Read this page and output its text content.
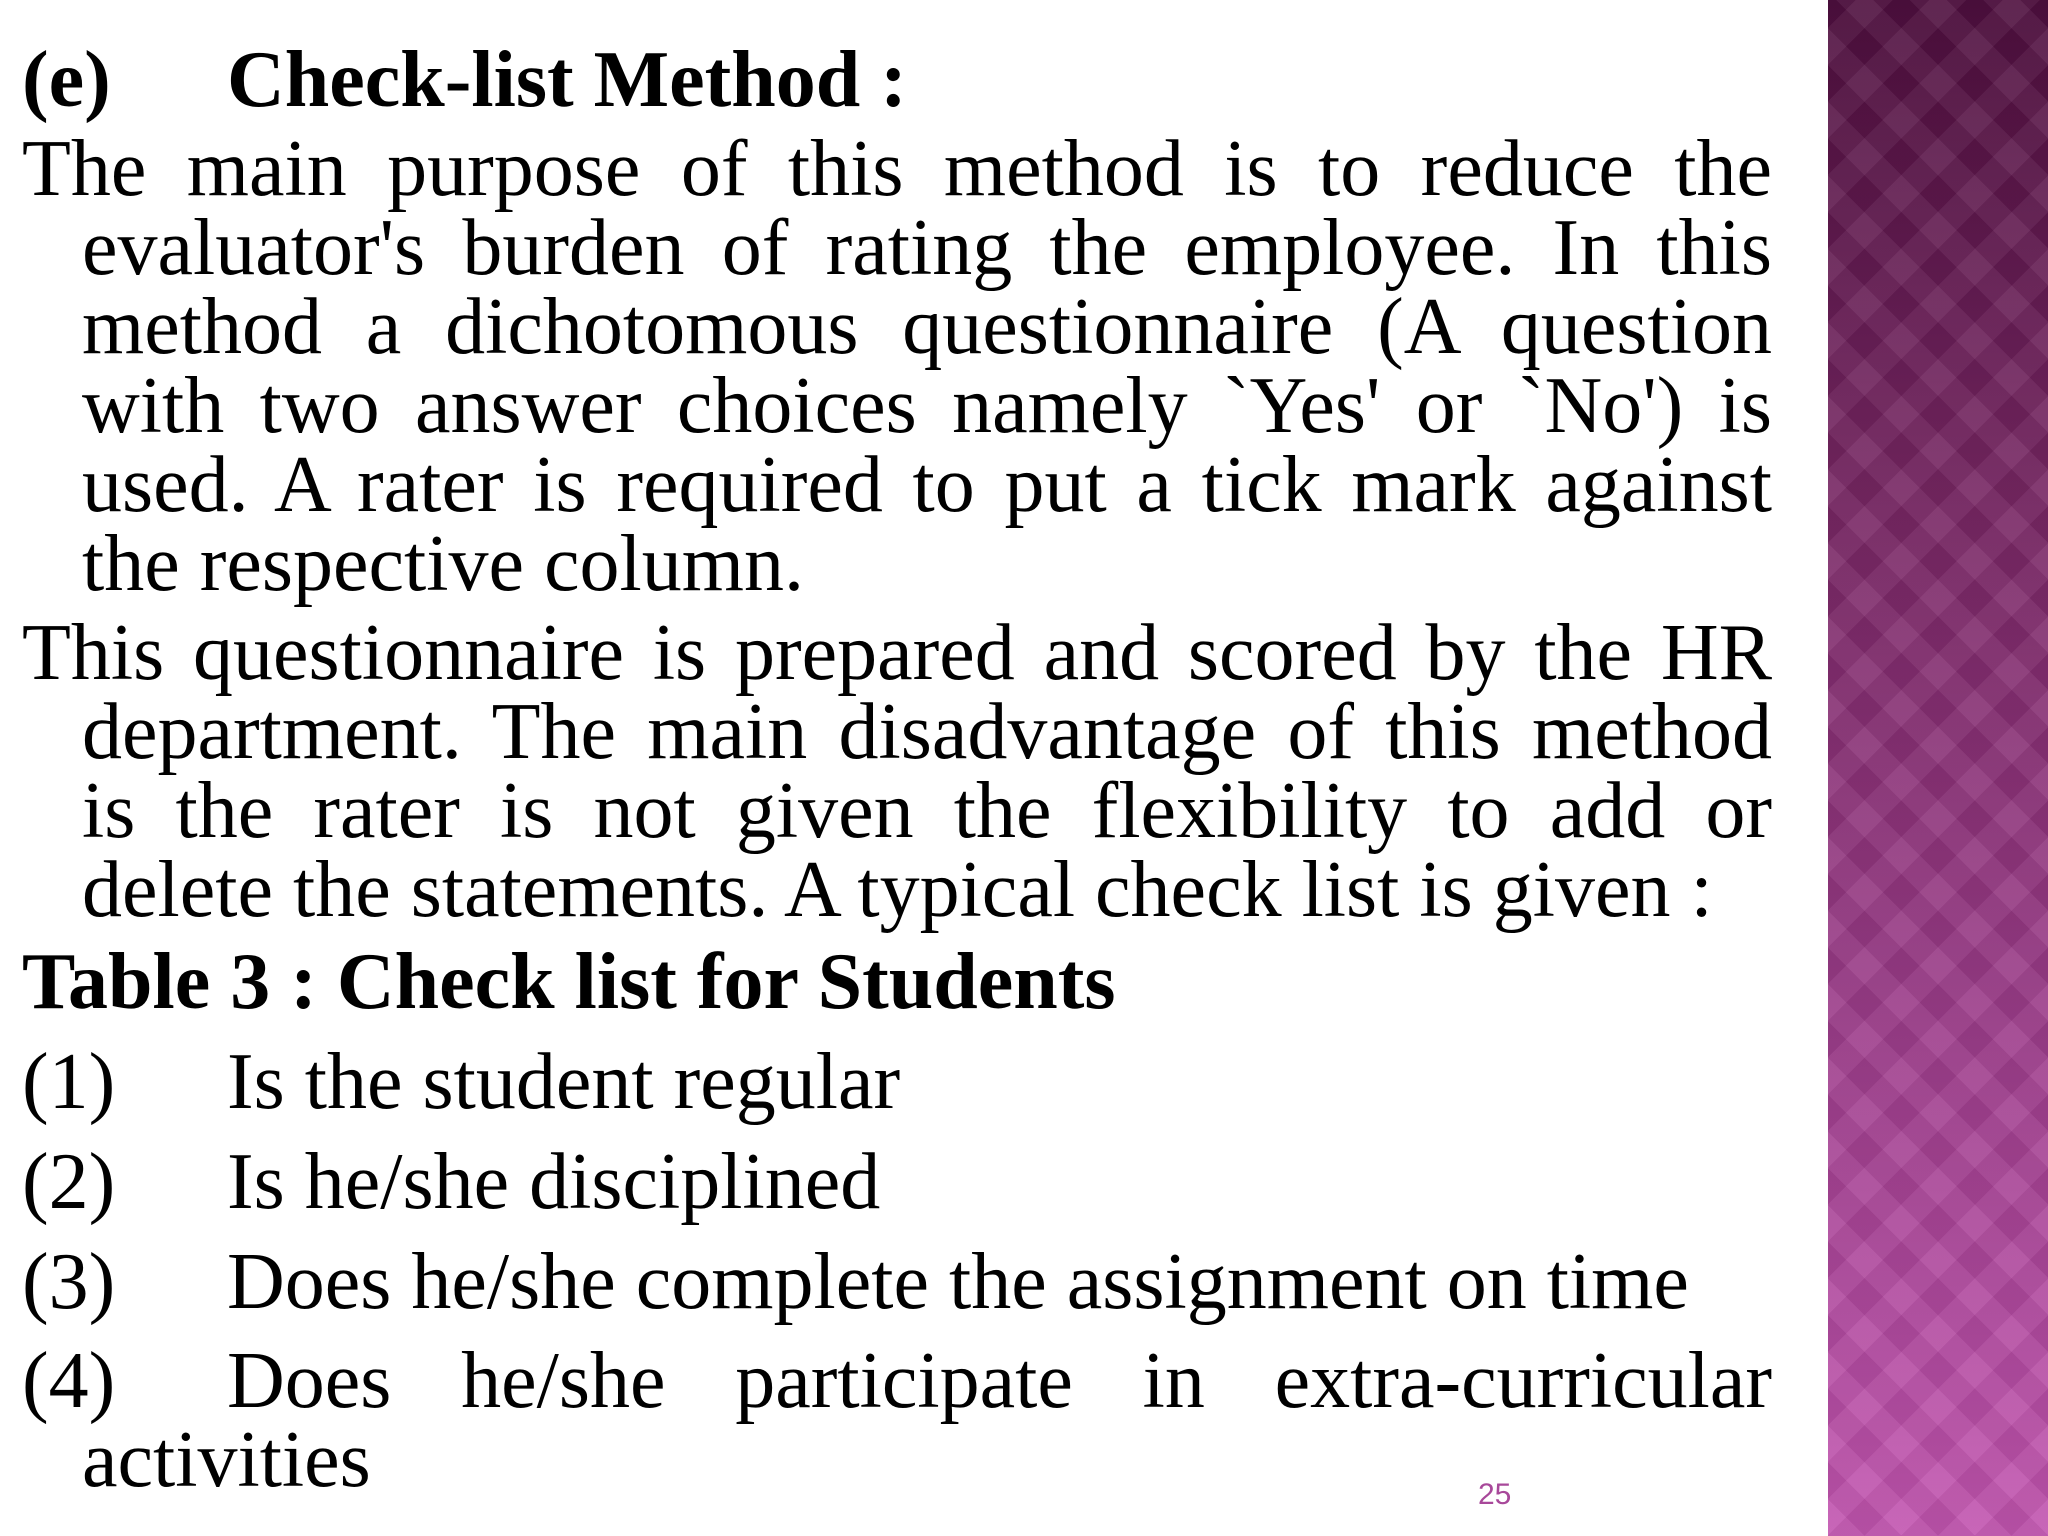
(e) Check-list Method :

The main purpose of this method is to reduce the evaluator's burden of rating the employee. In this method a dichotomous questionnaire (A question with two answer choices namely `Yes' or `No') is used. A rater is required to put a tick mark against the respective column.

This questionnaire is prepared and scored by the HR department. The main disadvantage of this method is the rater is not given the flexibility to add or delete the statements. A typical check list is given :

Table 3 : Check list for Students

(1) Is the student regular

(2) Is he/she disciplined

(3) Does he/she complete the assignment on time

(4) Does he/she participate in extra-curricular activities	25
